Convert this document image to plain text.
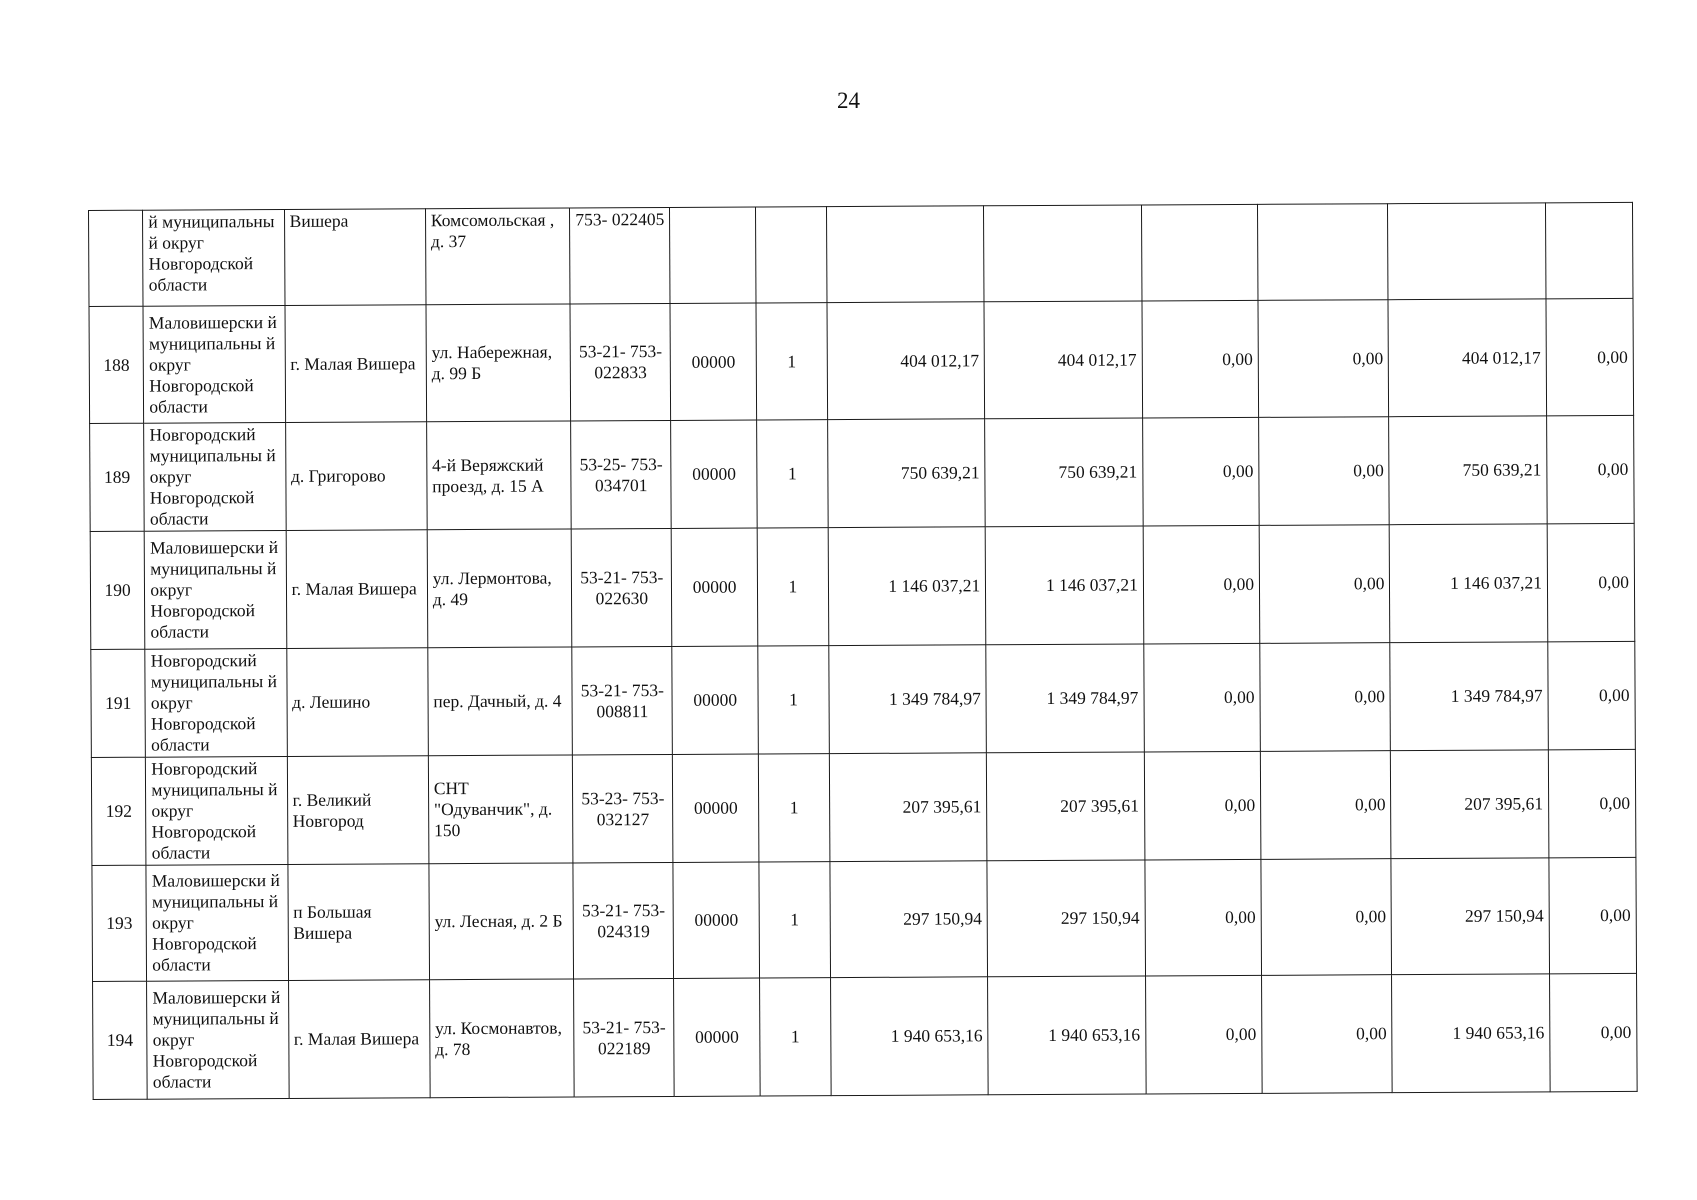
24
	й муниципальны й округ Новгородской области	Вишера	Комсомольская , д. 37	753- 022405								
188	Маловишерски й муниципальны й округ Новгородской области	г. Малая Вишера	ул. Набережная, д. 99 Б	53-21- 753- 022833	00000	1	404 012,17	404 012,17	0,00	0,00	404 012,17	0,00
189	Новгородский муниципальны й округ Новгородской области	д. Григорово	4-й Веряжский проезд, д. 15 А	53-25- 753- 034701	00000	1	750 639,21	750 639,21	0,00	0,00	750 639,21	0,00
190	Маловишерски й муниципальны й округ Новгородской области	г. Малая Вишера	ул. Лермонтова, д. 49	53-21- 753- 022630	00000	1	1 146 037,21	1 146 037,21	0,00	0,00	1 146 037,21	0,00
191	Новгородский муниципальны й округ Новгородской области	д. Лешино	пер. Дачный, д. 4	53-21- 753- 008811	00000	1	1 349 784,97	1 349 784,97	0,00	0,00	1 349 784,97	0,00
192	Новгородский муниципальны й округ Новгородской области	г. Великий Новгород	СНТ "Одуванчик", д. 150	53-23- 753- 032127	00000	1	207 395,61	207 395,61	0,00	0,00	207 395,61	0,00
193	Маловишерски й муниципальны й округ Новгородской области	п Большая Вишера	ул. Лесная, д. 2 Б	53-21- 753- 024319	00000	1	297 150,94	297 150,94	0,00	0,00	297 150,94	0,00
194	Маловишерски й муниципальны й округ Новгородской области	г. Малая Вишера	ул. Космонавтов, д. 78	53-21- 753- 022189	00000	1	1 940 653,16	1 940 653,16	0,00	0,00	1 940 653,16	0,00
